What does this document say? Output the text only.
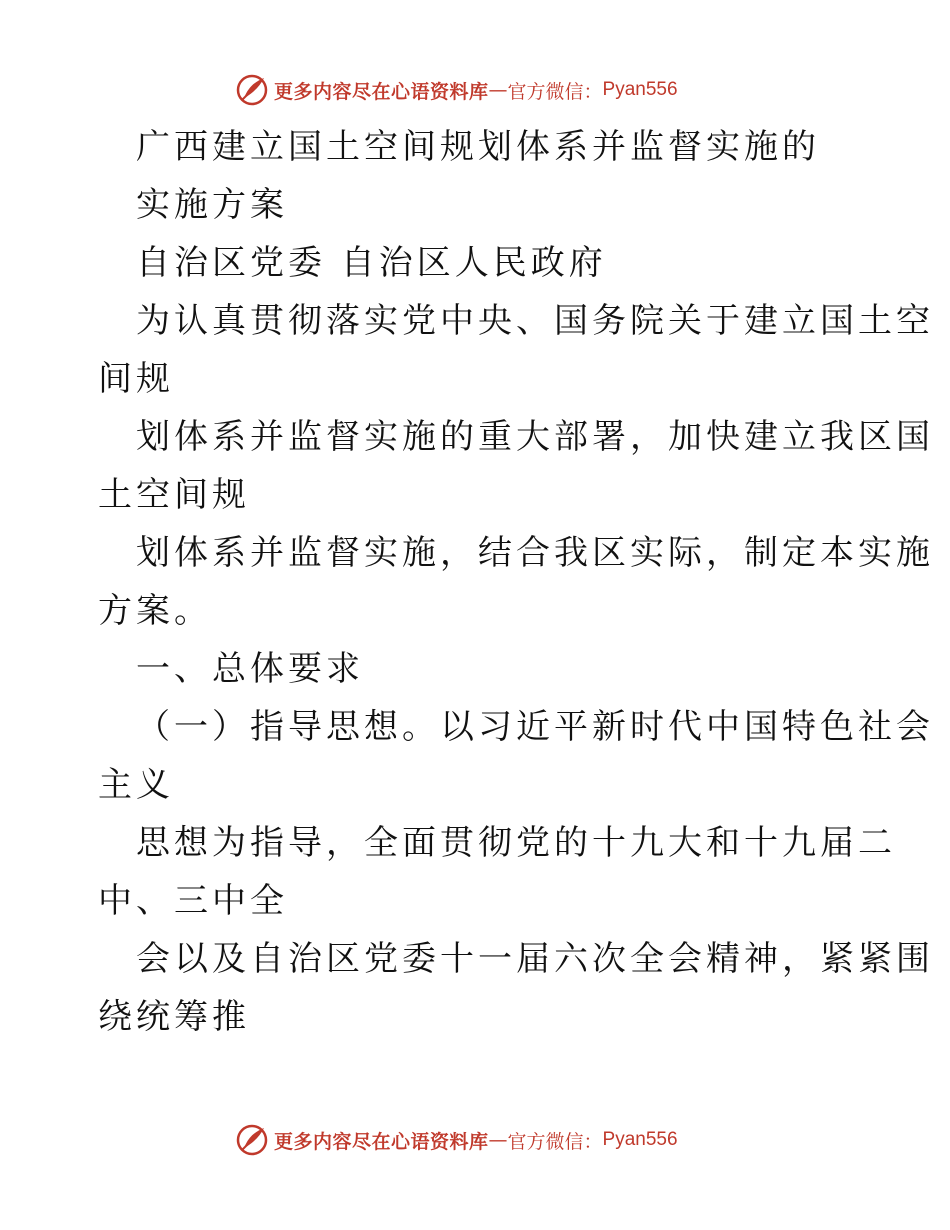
更多内容尽在心语资料库 — 官方微信： Pyan556
广西建立国土空间规划体系并监督实施的
实施方案
自治区党委 自治区人民政府
为认真贯彻落实党中央、国务院关于建立国土空
间规
划体系并监督实施的重大部署，加快建立我区国
土空间规
划体系并监督实施，结合我区实际，制定本实施
方案。
一、总体要求
（一）指导思想。以习近平新时代中国特色社会
主义
思想为指导，全面贯彻党的十九大和十九届二
中、三中全
会以及自治区党委十一届六次全会精神，紧紧围
绕统筹推
更多内容尽在心语资料库 — 官方微信： Pyan556
